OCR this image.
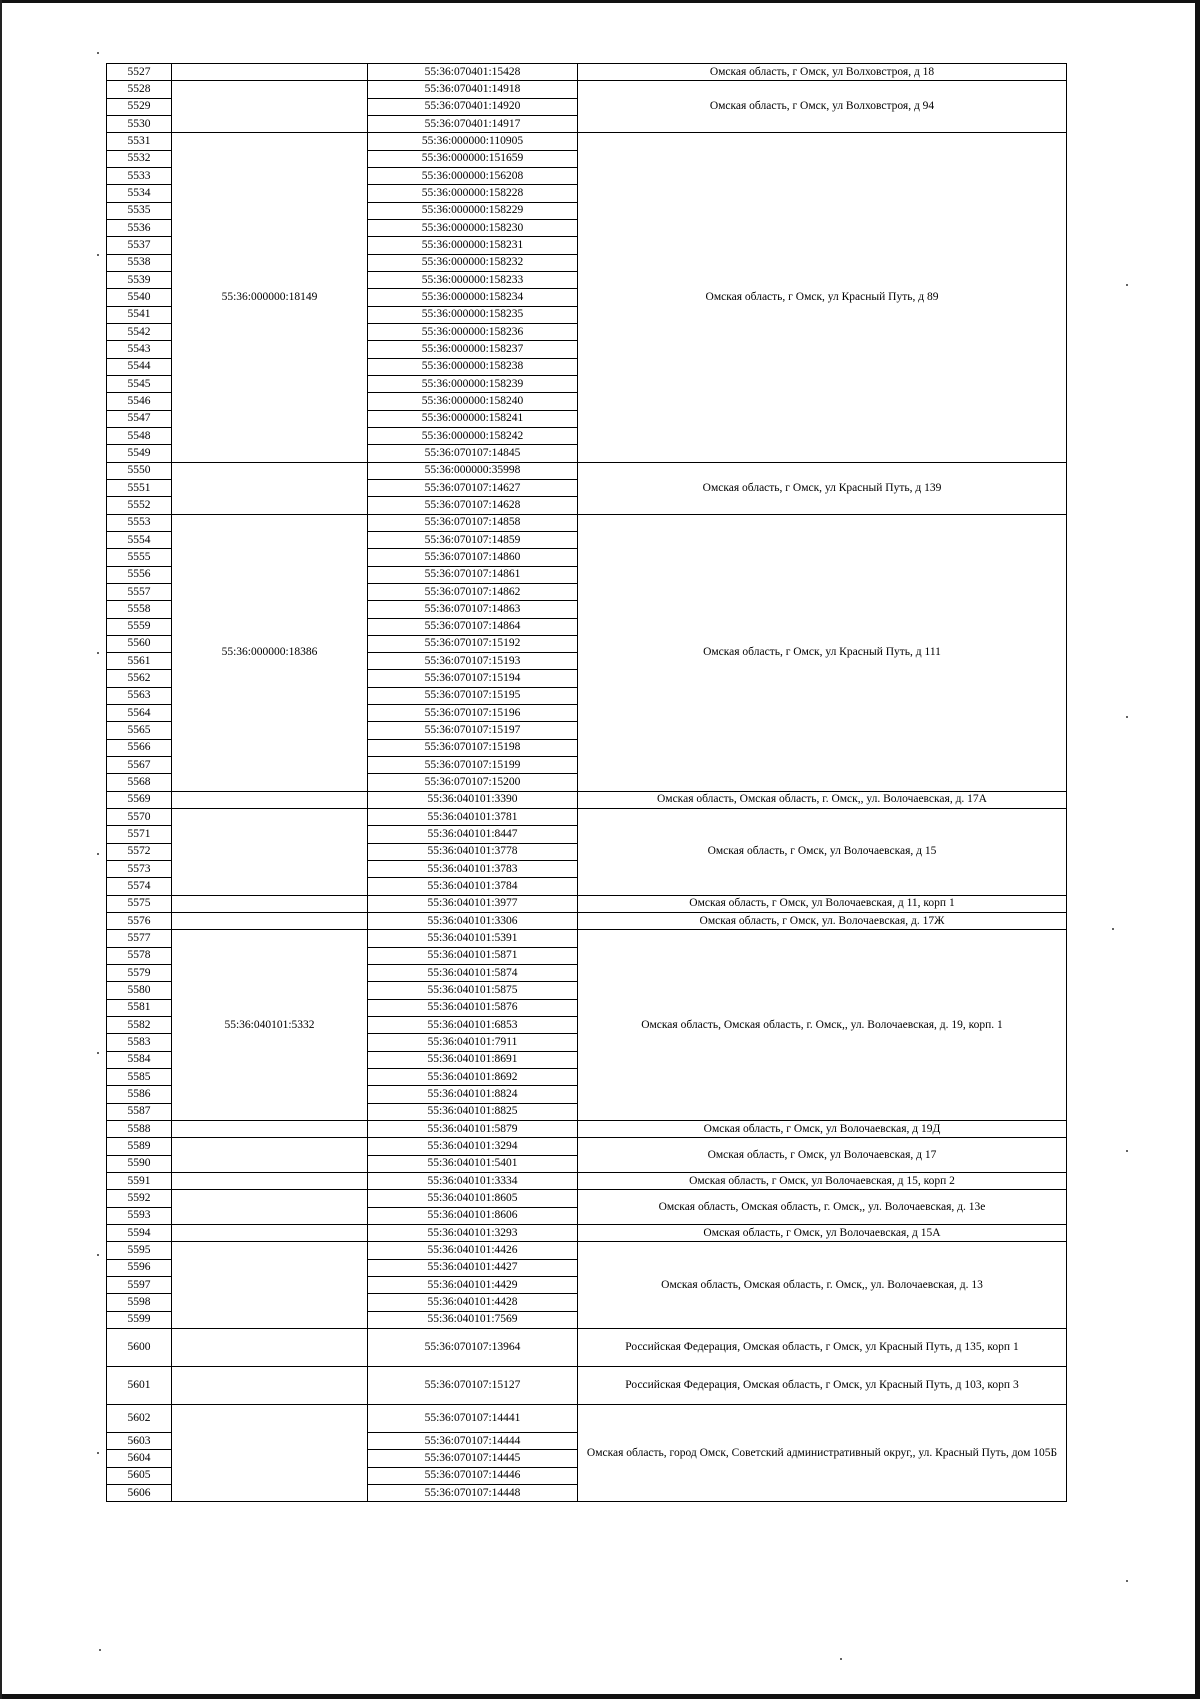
5527		55:36:070401:15428	Омская область, г Омск, ул Волховстроя, д 18
5528		55:36:070401:14918	Омская область, г Омск, ул Волховстроя, д 94
5529		55:36:070401:14920	
5530		55:36:070401:14917	
5531	55:36:000000:18149	55:36:000000:110905	Омская область, г Омск, ул Красный Путь, д 89
5532		55:36:000000:151659	
5533		55:36:000000:156208	
5534		55:36:000000:158228	
5535		55:36:000000:158229	
5536		55:36:000000:158230	
5537		55:36:000000:158231	
5538		55:36:000000:158232	
5539		55:36:000000:158233	
5540		55:36:000000:158234	
5541		55:36:000000:158235	
5542		55:36:000000:158236	
5543		55:36:000000:158237	
5544		55:36:000000:158238	
5545		55:36:000000:158239	
5546		55:36:000000:158240	
5547		55:36:000000:158241	
5548		55:36:000000:158242	
5549		55:36:070107:14845	
5550		55:36:000000:35998	Омская область, г Омск, ул Красный Путь, д 139
5551		55:36:070107:14627	
5552		55:36:070107:14628	
5553	55:36:000000:18386	55:36:070107:14858	Омская область, г Омск, ул Красный Путь, д 111
5554		55:36:070107:14859	
5555		55:36:070107:14860	
5556		55:36:070107:14861	
5557		55:36:070107:14862	
5558		55:36:070107:14863	
5559		55:36:070107:14864	
5560		55:36:070107:15192	
5561		55:36:070107:15193	
5562		55:36:070107:15194	
5563		55:36:070107:15195	
5564		55:36:070107:15196	
5565		55:36:070107:15197	
5566		55:36:070107:15198	
5567		55:36:070107:15199	
5568		55:36:070107:15200	
5569		55:36:040101:3390	Омская область, Омская область, г. Омск,, ул. Волочаевская, д. 17А
5570		55:36:040101:3781	Омская область, г Омск, ул Волочаевская, д 15
5571		55:36:040101:8447	
5572		55:36:040101:3778	
5573		55:36:040101:3783	
5574		55:36:040101:3784	
5575		55:36:040101:3977	Омская область, г Омск, ул Волочаевская, д 11, корп 1
5576		55:36:040101:3306	Омская область, г Омск, ул. Волочаевская, д. 17Ж
5577	55:36:040101:5332	55:36:040101:5391	Омская область, Омская область, г. Омск,, ул. Волочаевская, д. 19, корп. 1
5578		55:36:040101:5871	
5579		55:36:040101:5874	
5580		55:36:040101:5875	
5581		55:36:040101:5876	
5582		55:36:040101:6853	
5583		55:36:040101:7911	
5584		55:36:040101:8691	
5585		55:36:040101:8692	
5586		55:36:040101:8824	
5587		55:36:040101:8825	
5588		55:36:040101:5879	Омская область, г Омск, ул Волочаевская, д 19Д
5589		55:36:040101:3294	Омская область, г Омск, ул Волочаевская, д 17
5590		55:36:040101:5401	
5591		55:36:040101:3334	Омская область, г Омск, ул Волочаевская, д 15, корп 2
5592		55:36:040101:8605	Омская область, Омская область, г. Омск,, ул. Волочаевская, д. 13е
5593		55:36:040101:8606	
5594		55:36:040101:3293	Омская область, г Омск, ул Волочаевская, д 15А
5595		55:36:040101:4426	Омская область, Омская область, г. Омск,, ул. Волочаевская, д. 13
5596		55:36:040101:4427	
5597		55:36:040101:4429	
5598		55:36:040101:4428	
5599		55:36:040101:7569	
5600		55:36:070107:13964	Российская Федерация, Омская область, г Омск, ул Красный Путь, д 135, корп 1
5601		55:36:070107:15127	Российская Федерация, Омская область, г Омск, ул Красный Путь, д 103, корп 3
5602		55:36:070107:14441	Омская область, город Омск, Советский административный округ,, ул. Красный Путь, дом 105Б
5603		55:36:070107:14444	
5604		55:36:070107:14445	
5605		55:36:070107:14446	
5606		55:36:070107:14448	
